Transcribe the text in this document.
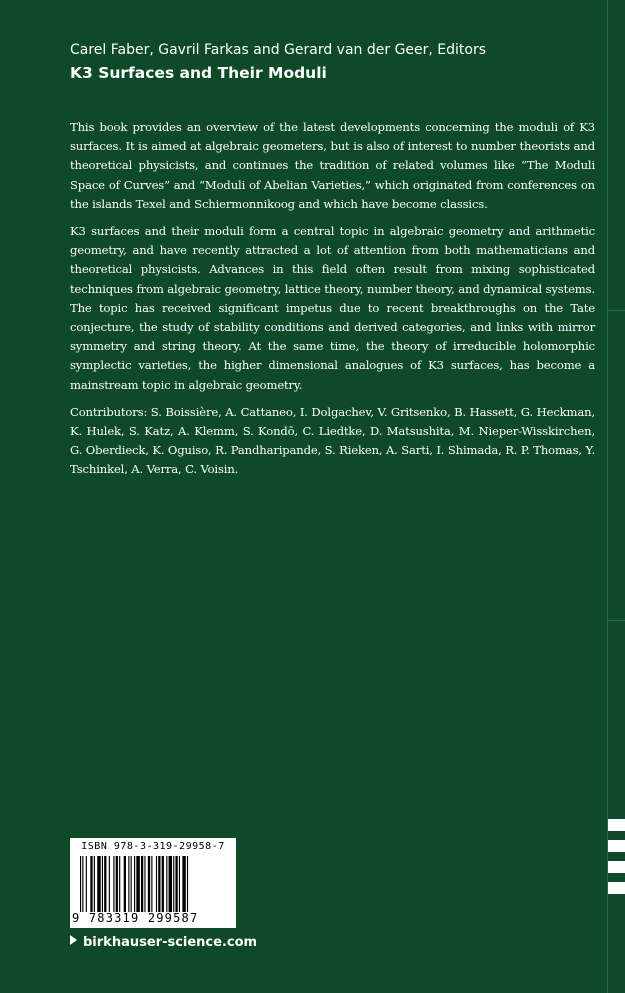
Carel Faber, Gavril Farkas and Gerard van der Geer, Editors
K3 Surfaces and Their Moduli

This book provides an overview of the latest developments concerning the moduli of K3 surfaces. It is aimed at algebraic geometers, but is also of interest to number theorists and theoretical physicists, and continues the tradition of related volumes like “The Moduli Space of Curves” and “Moduli of Abelian Varieties,” which originated from conferences on the islands Texel and Schiermonnikoog and which have become classics.

K3 surfaces and their moduli form a central topic in algebraic geometry and arithmetic geometry, and have recently attracted a lot of attention from both mathematicians and theoretical physicists. Advances in this field often result from mixing sophisticated techniques from algebraic geometry, lattice theory, number theory, and dynamical systems. The topic has received significant impetus due to recent breakthroughs on the Tate conjecture, the study of stability conditions and derived categories, and links with mirror symmetry and string theory. At the same time, the theory of irreducible holomorphic symplectic varieties, the higher dimensional analogues of K3 surfaces, has become a mainstream topic in algebraic geometry.

Contributors: S. Boissière, A. Cattaneo, I. Dolgachev, V. Gritsenko, B. Hassett, G. Heckman, K. Hulek, S. Katz, A. Klemm, S. Kondō, C. Liedtke, D. Matsushita, M. Nieper-Wisskirchen, G. Oberdieck, K. Oguiso, R. Pandharipande, S. Rieken, A. Sarti, I. Shimada, R. P. Thomas, Y. Tschinkel, A. Verra, C. Voisin.

ISBN 978-3-319-29958-7
9 783319 299587
birkhauser-science.com
